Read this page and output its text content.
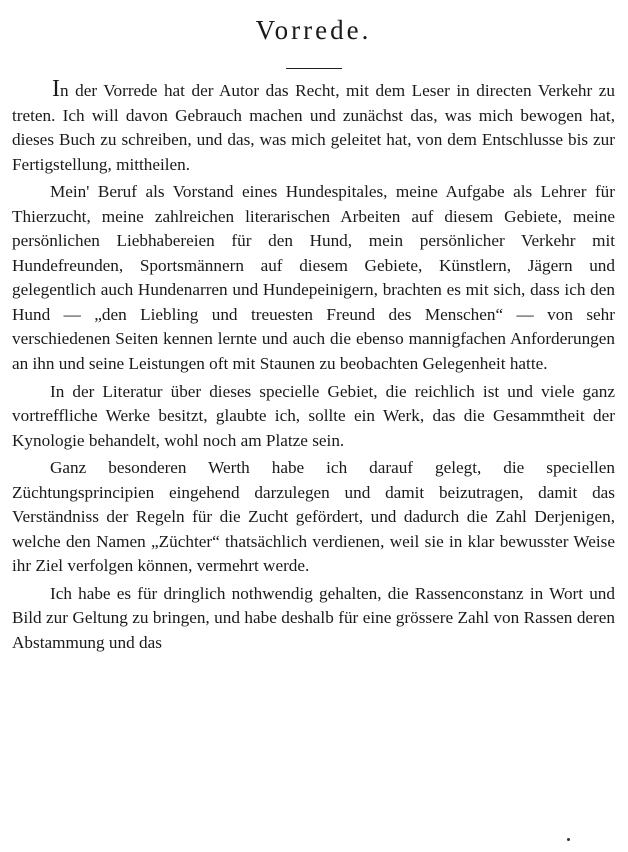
Vorrede.

In der Vorrede hat der Autor das Recht, mit dem Leser in directen Verkehr zu treten. Ich will davon Gebrauch machen und zunächst das, was mich bewogen hat, dieses Buch zu schreiben, und das, was mich geleitet hat, von dem Entschlusse bis zur Fertigstellung, mittheilen.

Mein' Beruf als Vorstand eines Hundespitales, meine Aufgabe als Lehrer für Thierzucht, meine zahlreichen literarischen Arbeiten auf diesem Gebiete, meine persönlichen Liebhabereien für den Hund, mein persönlicher Verkehr mit Hundefreunden, Sportsmännern auf diesem Gebiete, Künstlern, Jägern und gelegentlich auch Hundenarren und Hundepeinigern, brachten es mit sich, dass ich den Hund — „den Liebling und treuesten Freund des Menschen“ — von sehr verschiedenen Seiten kennen lernte und auch die ebenso mannigfachen Anforderungen an ihn und seine Leistungen oft mit Staunen zu beobachten Gelegenheit hatte.

In der Literatur über dieses specielle Gebiet, die reichlich ist und viele ganz vortreffliche Werke besitzt, glaubte ich, sollte ein Werk, das die Gesammtheit der Kynologie behandelt, wohl noch am Platze sein.

Ganz besonderen Werth habe ich darauf gelegt, die speciellen Züchtungsprincipien eingehend darzulegen und damit beizutragen, damit das Verständniss der Regeln für die Zucht gefördert, und dadurch die Zahl Derjenigen, welche den Namen „Züchter“ thatsächlich verdienen, weil sie in klar bewusster Weise ihr Ziel verfolgen können, vermehrt werde.

Ich habe es für dringlich nothwendig gehalten, die Rassenconstanz in Wort und Bild zur Geltung zu bringen, und habe deshalb für eine grössere Zahl von Rassen deren Abstammung und das
